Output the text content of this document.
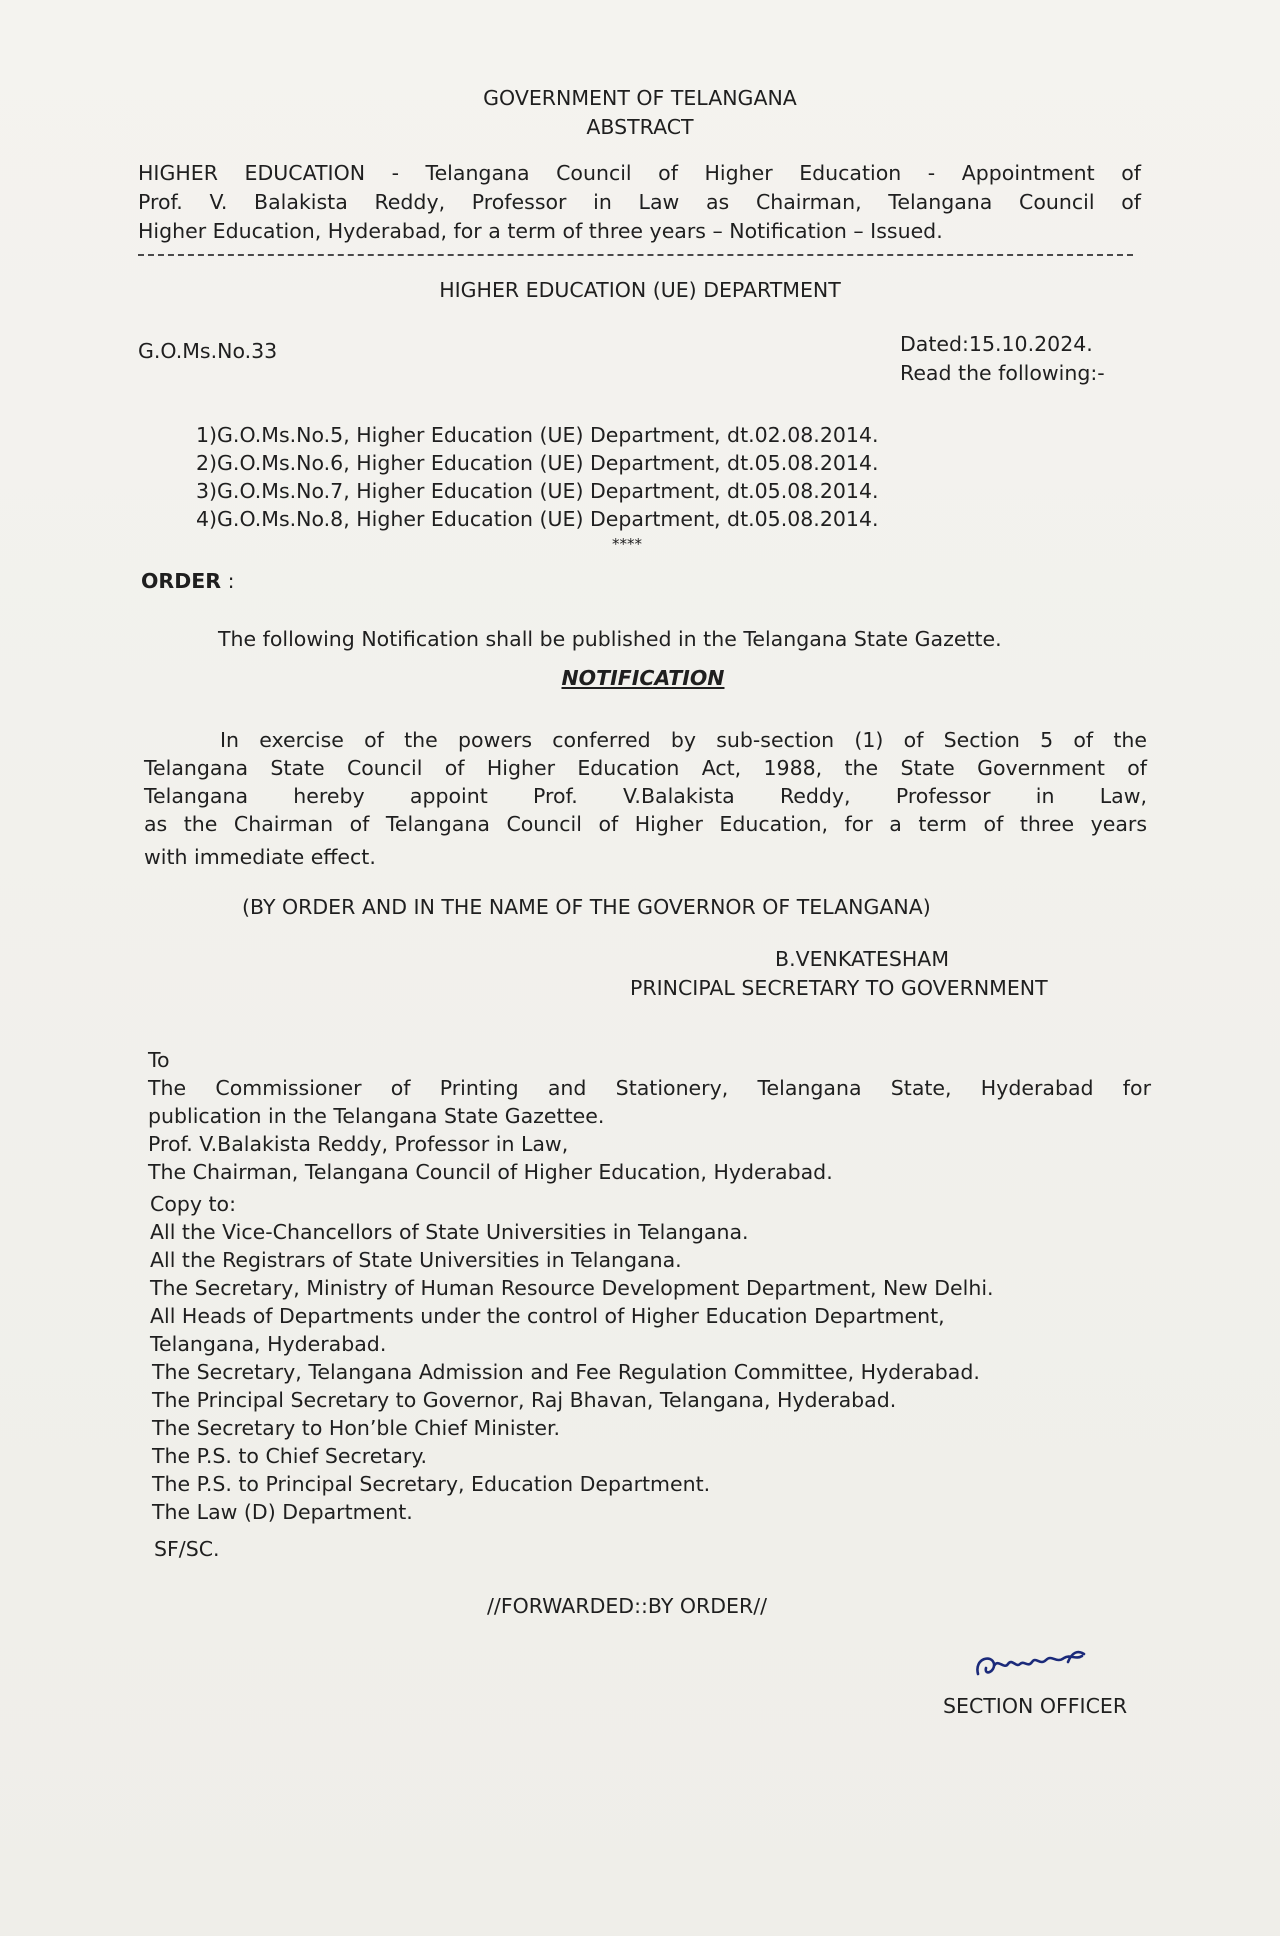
GOVERNMENT OF TELANGANA

ABSTRACT

HIGHER EDUCATION - Telangana Council of Higher Education - Appointment of

Prof. V. Balakista Reddy, Professor in Law as Chairman, Telangana Council of

Higher Education, Hyderabad, for a term of three years – Notification – Issued.

HIGHER EDUCATION (UE) DEPARTMENT

G.O.Ms.No.33	Dated:15.10.2024.

Read the following:-

1)G.O.Ms.No.5, Higher Education (UE) Department, dt.02.08.2014.

2)G.O.Ms.No.6, Higher Education (UE) Department, dt.05.08.2014.

3)G.O.Ms.No.7, Higher Education (UE) Department, dt.05.08.2014.

4)G.O.Ms.No.8, Higher Education (UE) Department, dt.05.08.2014.

****

ORDER :

The following Notification shall be published in the Telangana State Gazette.

NOTIFICATION

In exercise of the powers conferred by sub-section (1) of Section 5 of the

Telangana State Council of Higher Education Act, 1988, the State Government of

Telangana hereby appoint Prof. V.Balakista Reddy, Professor in Law,

as the Chairman of Telangana Council of Higher Education, for a term of three years

with immediate effect.

(BY ORDER AND IN THE NAME OF THE GOVERNOR OF TELANGANA)

B.VENKATESHAM

PRINCIPAL SECRETARY TO GOVERNMENT

To

The Commissioner of Printing and Stationery, Telangana State, Hyderabad for

publication in the Telangana State Gazettee.

Prof. V.Balakista Reddy, Professor in Law,

The Chairman, Telangana Council of Higher Education, Hyderabad.

Copy to:

All the Vice-Chancellors of State Universities in Telangana.

All the Registrars of State Universities in Telangana.

The Secretary, Ministry of Human Resource Development Department, New Delhi.

All Heads of Departments under the control of Higher Education Department,

Telangana, Hyderabad.

The Secretary, Telangana Admission and Fee Regulation Committee, Hyderabad.

The Principal Secretary to Governor, Raj Bhavan, Telangana, Hyderabad.

The Secretary to Hon’ble Chief Minister.

The P.S. to Chief Secretary.

The P.S. to Principal Secretary, Education Department.

The Law (D) Department.

SF/SC.

//FORWARDED::BY ORDER//

SECTION OFFICER
